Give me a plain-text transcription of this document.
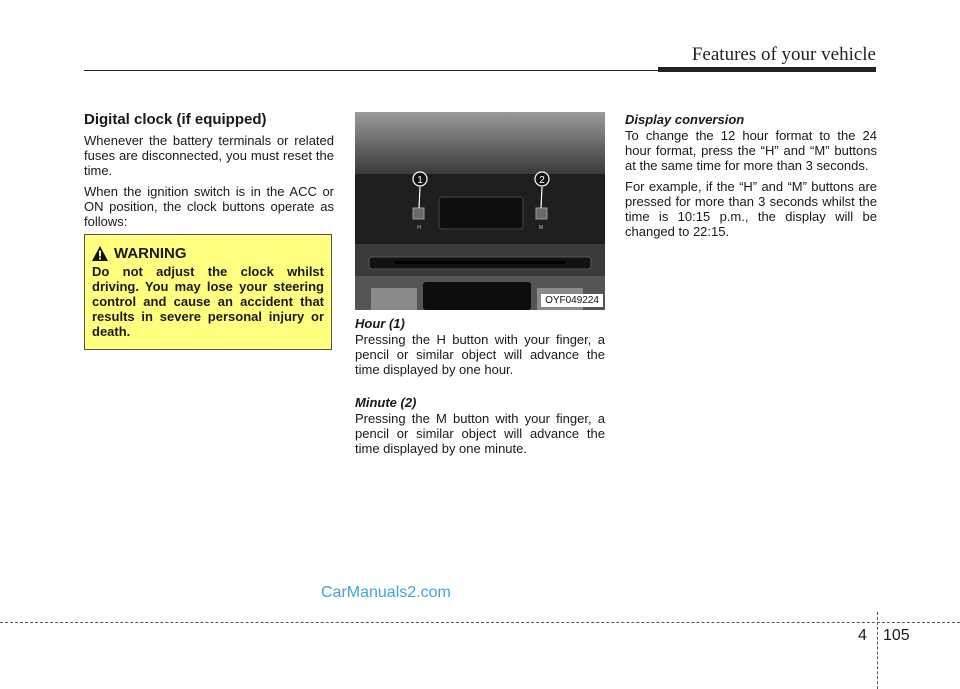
Features of your vehicle
Digital clock (if equipped)

Whenever the battery terminals or related fuses are disconnected, you must reset the time.

When the ignition switch is in the ACC or ON position, the clock buttons operate as follows:

WARNING

Do not adjust the clock whilst driving. You may lose your steering control and cause an accident that results in severe personal injury or death.

1	2
H	M
OYF049224
Hour (1)

Pressing the H button with your finger, a pencil or similar object will advance the time displayed by one hour.

Minute (2)

Pressing the M button with your finger, a pencil or similar object will advance the time displayed by one minute.

Display conversion

To change the 12 hour format to the 24 hour format, press the “H” and “M” buttons at the same time for more than 3 seconds.

For example, if the “H” and “M” buttons are pressed for more than 3 seconds whilst the time is 10:15 p.m., the display will be changed to 22:15.

CarManuals2.com
4 105
